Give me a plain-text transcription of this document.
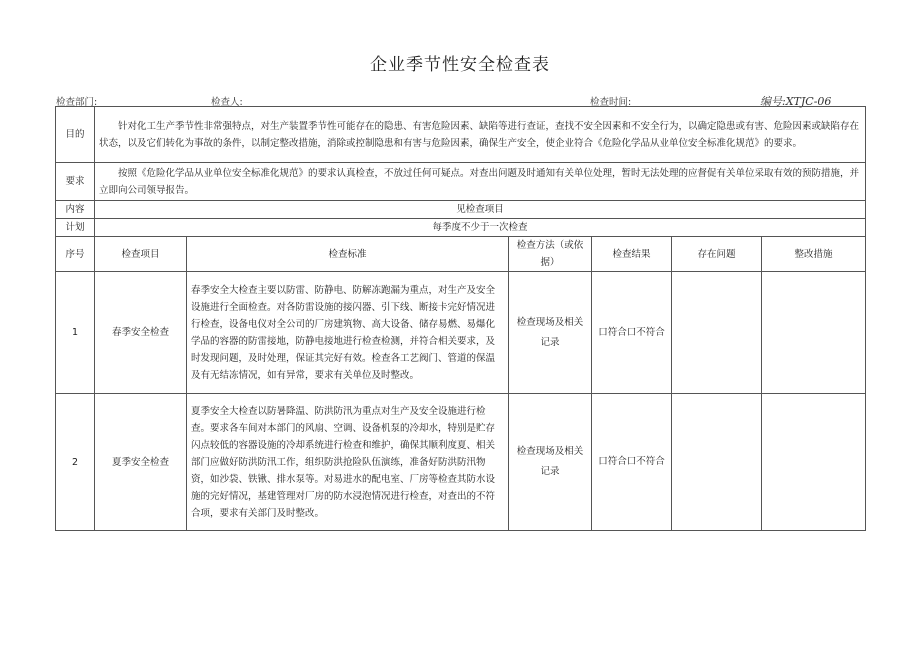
企业季节性安全检查表
检查部门:	检查人:	检查时间:	编号:XTJC-06
目的	针对化工生产季节性非常强特点，对生产装置季节性可能存在的隐患、有害危险因素、缺陷等进行查证，查找不安全因素和不安全行为，以确定隐患或有害、危险因素或缺陷存在状态，以及它们转化为事故的条件，以制定整改措施，消除或控制隐患和有害与危险因素，确保生产安全，使企业符合《危险化学品从业单位安全标准化规范》的要求。					
要求	按照《危险化学品从业单位安全标准化规范》的要求认真检查，不放过任何可疑点。对查出问题及时通知有关单位处理，暂时无法处理的应督促有关单位采取有效的预防措施，并立即向公司领导报告。					
内容	见检查项目					
计划	每季度不少于一次检查					
序号	检查项目	检查标准	检查方法（或依据）	检查结果	存在问题	整改措施
1	春季安全检查	春季安全大检查主要以防雷、防静电、防解冻跑漏为重点，对生产及安全设施进行全面检查。对各防雷设施的接闪器、引下线、断接卡完好情况进行检查，设备电仪对全公司的厂房建筑物、高大设备、储存易燃、易爆化学品的容器的防雷接地，防静电接地进行检查检测，并符合相关要求，及时发现问题，及时处理，保证其完好有效。检查各工艺阀门、管道的保温及有无结冻情况，如有异常，要求有关单位及时整改。	检查现场及相关记录	口符合口不符合		
2	夏季安全检查	夏季安全大检查以防暑降温、防洪防汛为重点对生产及安全设施进行检查。要求各车间对本部门的风扇、空调、设备机泵的冷却水，特别是贮存闪点较低的容器设施的冷却系统进行检查和维护，确保其顺利度夏、相关部门应做好防洪防汛工作，组织防洪抢险队伍演练，准备好防洪防汛物资，如沙袋、铁锹、排水泵等。对易进水的配电室、厂房等检查其防水设施的完好情况，基建管理对厂房的防水浸泡情况进行检查，对查出的不符合项，要求有关部门及时整改。	检查现场及相关记录	口符合口不符合		
